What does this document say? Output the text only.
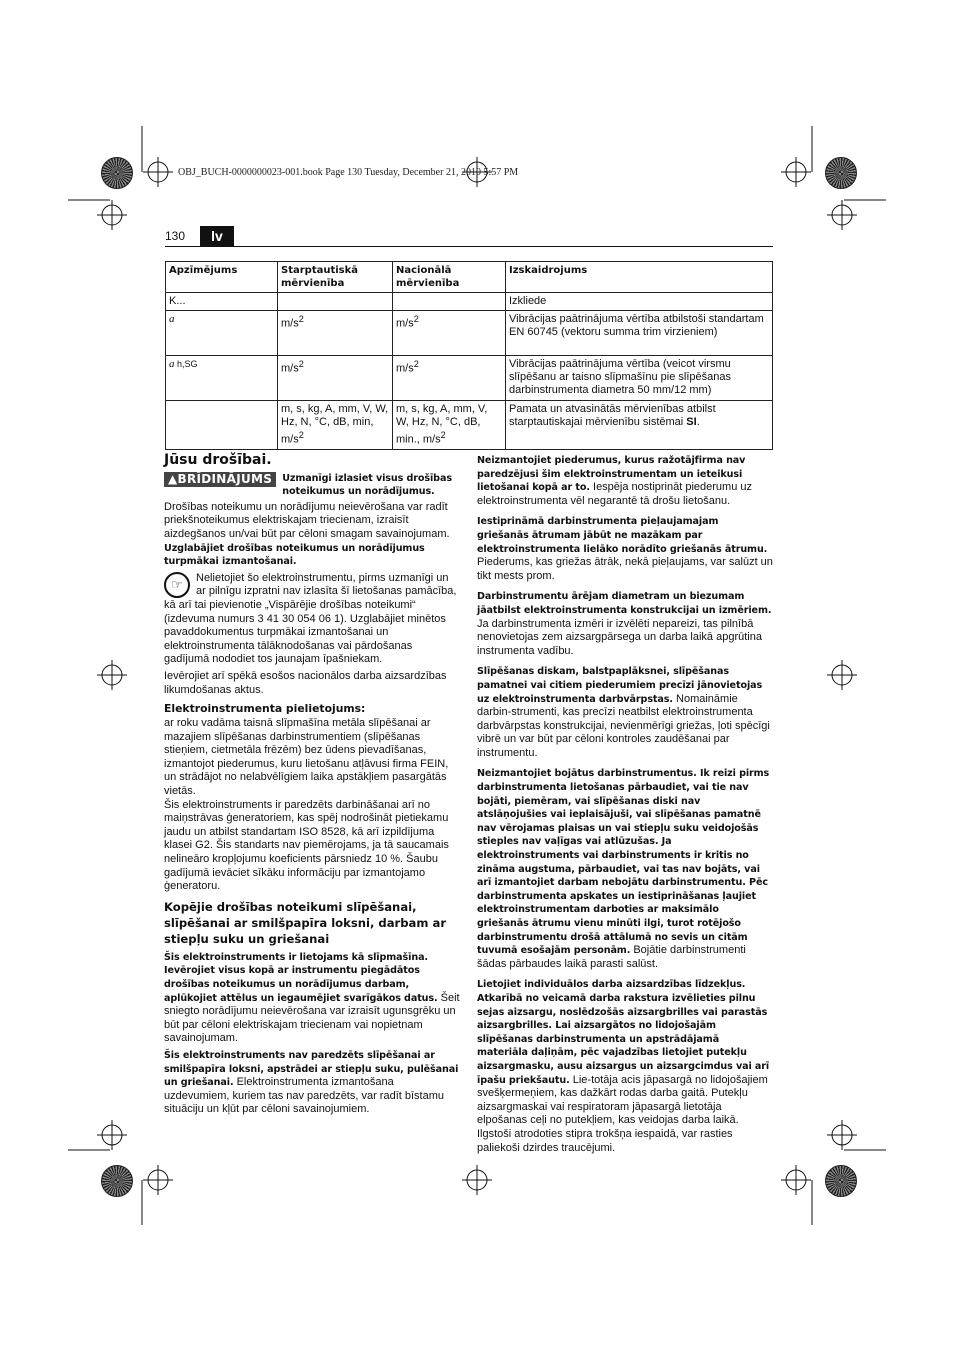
OBJ_BUCH-0000000023-001.book Page 130 Tuesday, December 21, 2010 5:57 PM
130	lv
Apzīmējums	Starptautiskā mērvienība	Nacionālā mērvienība	Izskaidrojums
K...			Izkliede
a	$m/s^2$	$m/s^2$	Vibrācijas paātrinājuma vērtība atbilstoši standartam EN 60745 (vektoru summa trim virzieniem)
a h,SG	$m/s^2$	$m/s^2$	Vibrācijas paātrinājuma vērtība (veicot virsmu slīpēšanu ar taisno slīpmašīnu pie slīpēšanas darbinstrumenta diametra 50 mm/12 mm)
	m, s, kg, A, mm, V, W, Hz, N, °C, dB, min, $m/s^2$	m, s, kg, A, mm, V, W, Hz, N, °C, dB, min., $m/s^2$	Pamata un atvasinātās mērvienības atbilst starptautiskajai mērvienību sistēmai SI.
Jūsu drošībai.
▲BRĪDINĀJUMS	Uzmanīgi izlasiet visus drošības noteikumus un norādījumus.

Drošības noteikumu un norādījumu neievērošana var radīt priekšnoteikumus elektriskajam triecienam, izraisīt aizdegšanos un/vai būt par cēloni smagam savainojumam.
Uzglabājiet drošības noteikumus un norādījumus turpmākai izmantošanai.

☞	Nelietojiet šo elektroinstrumentu, pirms uzmanīgi un ar pilnīgu izpratni nav izlasīta šī lietošanas pamācība, kā arī tai pievienotie „Vispārējie drošības noteikumi“ (izdevuma numurs 3 41 30 054 06 1). Uzglabājiet minētos pavaddokumentus turpmākai izmantošanai un elektroinstrumenta tālāknodošanas vai pārdošanas gadījumā nododiet tos jaunajam īpašniekam.

Ievērojiet arī spēkā esošos nacionālos darba aizsardzības likumdošanas aktus.

Elektroinstrumenta pielietojums:

ar roku vadāma taisnā slīpmašīna metāla slīpēšanai ar mazajiem slīpēšanas darbinstrumentiem (slīpēšanas stieņiem, cietmetāla frēzēm) bez ūdens pievadīšanas, izmantojot piederumus, kuru lietošanu atļāvusi firma FEIN, un strādājot no nelabvēlīgiem laika apstākļiem pasargātās vietās.

Šis elektroinstruments ir paredzēts darbināšanai arī no maiņstrāvas ģeneratoriem, kas spēj nodrošināt pietiekamu jaudu un atbilst standartam ISO 8528, kā arī izpildījuma klasei G2. Šis standarts nav piemērojams, ja tā saucamais nelineāro kropļojumu koeficients pārsniedz 10 %. Šaubu gadījumā ievāciet sīkāku informāciju par izmantojamo ģeneratoru.

Kopējie drošības noteikumi slīpēšanai, slīpēšanai ar smilšpapīra loksni, darbam ar stiepļu suku un griešanai

Šis elektroinstruments ir lietojams kā slīpmašīna. Ievērojiet visus kopā ar instrumentu piegādātos drošības noteikumus un norādījumus darbam, aplūkojiet attēlus un iegaumējiet svarīgākos datus. Šeit sniegto norādījumu neievērošana var izraisīt ugunsgrēku un būt par cēloni elektriskajam triecienam vai nopietnam savainojumam.

Šis elektroinstruments nav paredzēts slīpēšanai ar smilšpapīra loksni, apstrādei ar stiepļu suku, pulēšanai un griešanai. Elektroinstrumenta izmantošana uzdevumiem, kuriem tas nav paredzēts, var radīt bīstamu situāciju un kļūt par cēloni savainojumiem.

Neizmantojiet piederumus, kurus ražotājfirma nav paredzējusi šim elektroinstrumentam un ieteikusi lietošanai kopā ar to. Iespēja nostiprināt piederumu uz elektroinstrumenta vēl negarantē tā drošu lietošanu.

Iestiprināmā darbinstrumenta pieļaujamajam griešanās ātrumam jābūt ne mazākam par elektroinstrumenta lielāko norādīto griešanās ātrumu. Piederums, kas griežas ātrāk, nekā pieļaujams, var salūzt un tikt mests prom.

Darbinstrumentu ārējam diametram un biezumam jāatbilst elektroinstrumenta konstrukcijai un izmēriem. Ja darbinstrumenta izmēri ir izvēlēti nepareizi, tas pilnībā nenovietojas zem aizsargpārsega un darba laikā apgrūtina instrumenta vadību.

Slīpēšanas diskam, balstpaplāksnei, slīpēšanas pamatnei vai citiem piederumiem precīzi jānovietojas uz elektroinstrumenta darbvārpstas. Nomaināmie darbin-strumenti, kas precīzi neatbilst elektroinstrumenta darbvārpstas konstrukcijai, nevienmērīgi griežas, ļoti spēcīgi vibrē un var būt par cēloni kontroles zaudēšanai par instrumentu.

Neizmantojiet bojātus darbinstrumentus. Ik reizi pirms darbinstrumenta lietošanas pārbaudiet, vai tie nav bojāti, piemēram, vai slīpēšanas diski nav atslāņojušies vai ieplaisājuši, vai slīpēšanas pamatnē nav vērojamas plaisas un vai stiepļu suku veidojošās stieples nav vaļīgas vai atlūzušas. Ja elektroinstruments vai darbinstruments ir kritis no zināma augstuma, pārbaudiet, vai tas nav bojāts, vai arī izmantojiet darbam nebojātu darbinstrumentu. Pēc darbinstrumenta apskates un iestiprināšanas ļaujiet elektroinstrumentam darboties ar maksimālo griešanās ātrumu vienu minūti ilgi, turot rotējošo darbinstrumentu drošā attālumā no sevis un citām tuvumā esošajām personām. Bojātie darbinstrumenti šādas pārbaudes laikā parasti salūst.

Lietojiet individuālos darba aizsardzības līdzekļus. Atkarībā no veicamā darba rakstura izvēlieties pilnu sejas aizsargu, noslēdzošās aizsargbrilles vai parastās aizsargbrilles. Lai aizsargātos no lidojošajām slīpēšanas darbinstrumenta un apstrādājamā materiāla daļiņām, pēc vajadzības lietojiet putekļu aizsargmasku, ausu aizsargus un aizsargcimdus vai arī īpašu priekšautu. Lie-totāja acis jāpasargā no lidojošajiem svešķermeņiem, kas dažkārt rodas darba gaitā. Putekļu aizsargmaskai vai respiratoram jāpasargā lietotāja elpošanas ceļi no putekļiem, kas veidojas darba laikā. Ilgstoši atrodoties stipra trokšņa iespaidā, var rasties paliekoši dzirdes traucējumi.
